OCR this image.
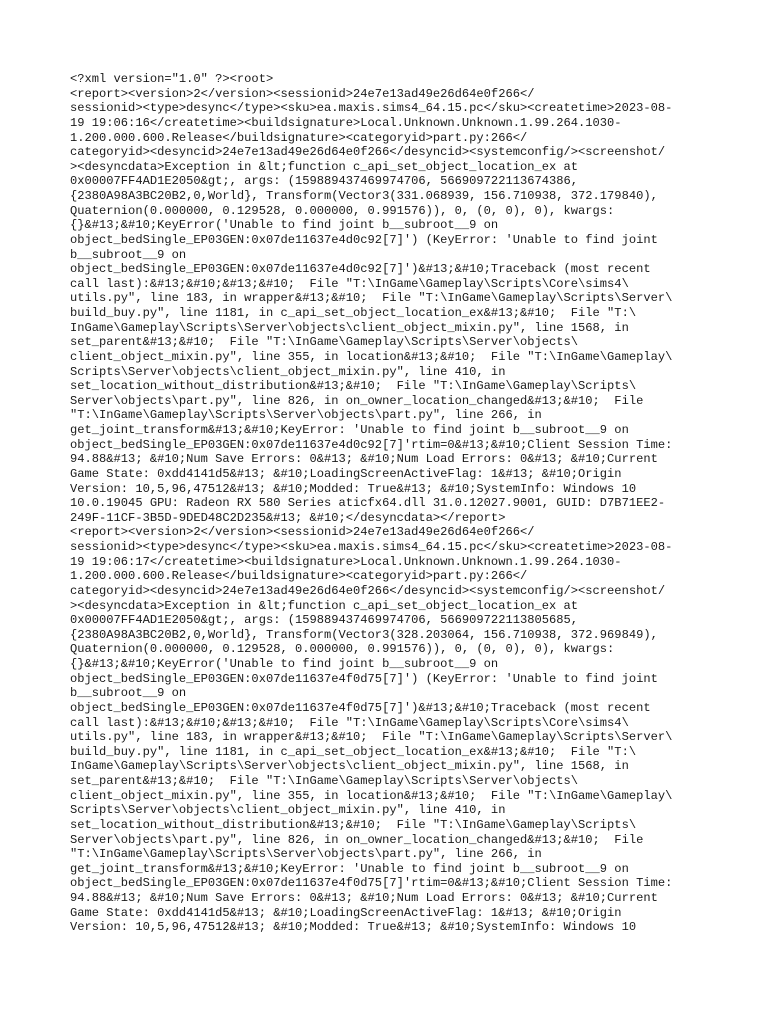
<?xml version="1.0" ?><root>
<report><version>2</version><sessionid>24e7e13ad49e26d64e0f266</
sessionid><type>desync</type><sku>ea.maxis.sims4_64.15.pc</sku><createtime>2023-08-
19 19:06:16</createtime><buildsignature>Local.Unknown.Unknown.1.99.264.1030-
1.200.000.600.Release</buildsignature><categoryid>part.py:266</
categoryid><desyncid>24e7e13ad49e26d64e0f266</desyncid><systemconfig/><screenshot/
><desyncdata>Exception in &lt;function c_api_set_object_location_ex at
0x00007FF4AD1E2050&gt;, args: (159889437469974706, 566909722113674386,
{2380A98A3BC20B2,0,World}, Transform(Vector3(331.068939, 156.710938, 372.179840),
Quaternion(0.000000, 0.129528, 0.000000, 0.991576)), 0, (0, 0), 0), kwargs:
{}&#13;&#10;KeyError('Unable to find joint b__subroot__9 on
object_bedSingle_EP03GEN:0x07de11637e4d0c92[7]') (KeyError: 'Unable to find joint
b__subroot__9 on
object_bedSingle_EP03GEN:0x07de11637e4d0c92[7]')&#13;&#10;Traceback (most recent
call last):&#13;&#10;&#13;&#10;  File "T:\InGame\Gameplay\Scripts\Core\sims4\
utils.py", line 183, in wrapper&#13;&#10;  File "T:\InGame\Gameplay\Scripts\Server\
build_buy.py", line 1181, in c_api_set_object_location_ex&#13;&#10;  File "T:\
InGame\Gameplay\Scripts\Server\objects\client_object_mixin.py", line 1568, in
set_parent&#13;&#10;  File "T:\InGame\Gameplay\Scripts\Server\objects\
client_object_mixin.py", line 355, in location&#13;&#10;  File "T:\InGame\Gameplay\
Scripts\Server\objects\client_object_mixin.py", line 410, in
set_location_without_distribution&#13;&#10;  File "T:\InGame\Gameplay\Scripts\
Server\objects\part.py", line 826, in on_owner_location_changed&#13;&#10;  File
"T:\InGame\Gameplay\Scripts\Server\objects\part.py", line 266, in
get_joint_transform&#13;&#10;KeyError: 'Unable to find joint b__subroot__9 on
object_bedSingle_EP03GEN:0x07de11637e4d0c92[7]'rtim=0&#13;&#10;Client Session Time:
94.88&#13; &#10;Num Save Errors: 0&#13; &#10;Num Load Errors: 0&#13; &#10;Current
Game State: 0xdd4141d5&#13; &#10;LoadingScreenActiveFlag: 1&#13; &#10;Origin
Version: 10,5,96,47512&#13; &#10;Modded: True&#13; &#10;SystemInfo: Windows 10
10.0.19045 GPU: Radeon RX 580 Series aticfx64.dll 31.0.12027.9001, GUID: D7B71EE2-
249F-11CF-3B5D-9DED48C2D235&#13; &#10;</desyncdata></report>
<report><version>2</version><sessionid>24e7e13ad49e26d64e0f266</
sessionid><type>desync</type><sku>ea.maxis.sims4_64.15.pc</sku><createtime>2023-08-
19 19:06:17</createtime><buildsignature>Local.Unknown.Unknown.1.99.264.1030-
1.200.000.600.Release</buildsignature><categoryid>part.py:266</
categoryid><desyncid>24e7e13ad49e26d64e0f266</desyncid><systemconfig/><screenshot/
><desyncdata>Exception in &lt;function c_api_set_object_location_ex at
0x00007FF4AD1E2050&gt;, args: (159889437469974706, 566909722113805685,
{2380A98A3BC20B2,0,World}, Transform(Vector3(328.203064, 156.710938, 372.969849),
Quaternion(0.000000, 0.129528, 0.000000, 0.991576)), 0, (0, 0), 0), kwargs:
{}&#13;&#10;KeyError('Unable to find joint b__subroot__9 on
object_bedSingle_EP03GEN:0x07de11637e4f0d75[7]') (KeyError: 'Unable to find joint
b__subroot__9 on
object_bedSingle_EP03GEN:0x07de11637e4f0d75[7]')&#13;&#10;Traceback (most recent
call last):&#13;&#10;&#13;&#10;  File "T:\InGame\Gameplay\Scripts\Core\sims4\
utils.py", line 183, in wrapper&#13;&#10;  File "T:\InGame\Gameplay\Scripts\Server\
build_buy.py", line 1181, in c_api_set_object_location_ex&#13;&#10;  File "T:\
InGame\Gameplay\Scripts\Server\objects\client_object_mixin.py", line 1568, in
set_parent&#13;&#10;  File "T:\InGame\Gameplay\Scripts\Server\objects\
client_object_mixin.py", line 355, in location&#13;&#10;  File "T:\InGame\Gameplay\
Scripts\Server\objects\client_object_mixin.py", line 410, in
set_location_without_distribution&#13;&#10;  File "T:\InGame\Gameplay\Scripts\
Server\objects\part.py", line 826, in on_owner_location_changed&#13;&#10;  File
"T:\InGame\Gameplay\Scripts\Server\objects\part.py", line 266, in
get_joint_transform&#13;&#10;KeyError: 'Unable to find joint b__subroot__9 on
object_bedSingle_EP03GEN:0x07de11637e4f0d75[7]'rtim=0&#13;&#10;Client Session Time:
94.88&#13; &#10;Num Save Errors: 0&#13; &#10;Num Load Errors: 0&#13; &#10;Current
Game State: 0xdd4141d5&#13; &#10;LoadingScreenActiveFlag: 1&#13; &#10;Origin
Version: 10,5,96,47512&#13; &#10;Modded: True&#13; &#10;SystemInfo: Windows 10
